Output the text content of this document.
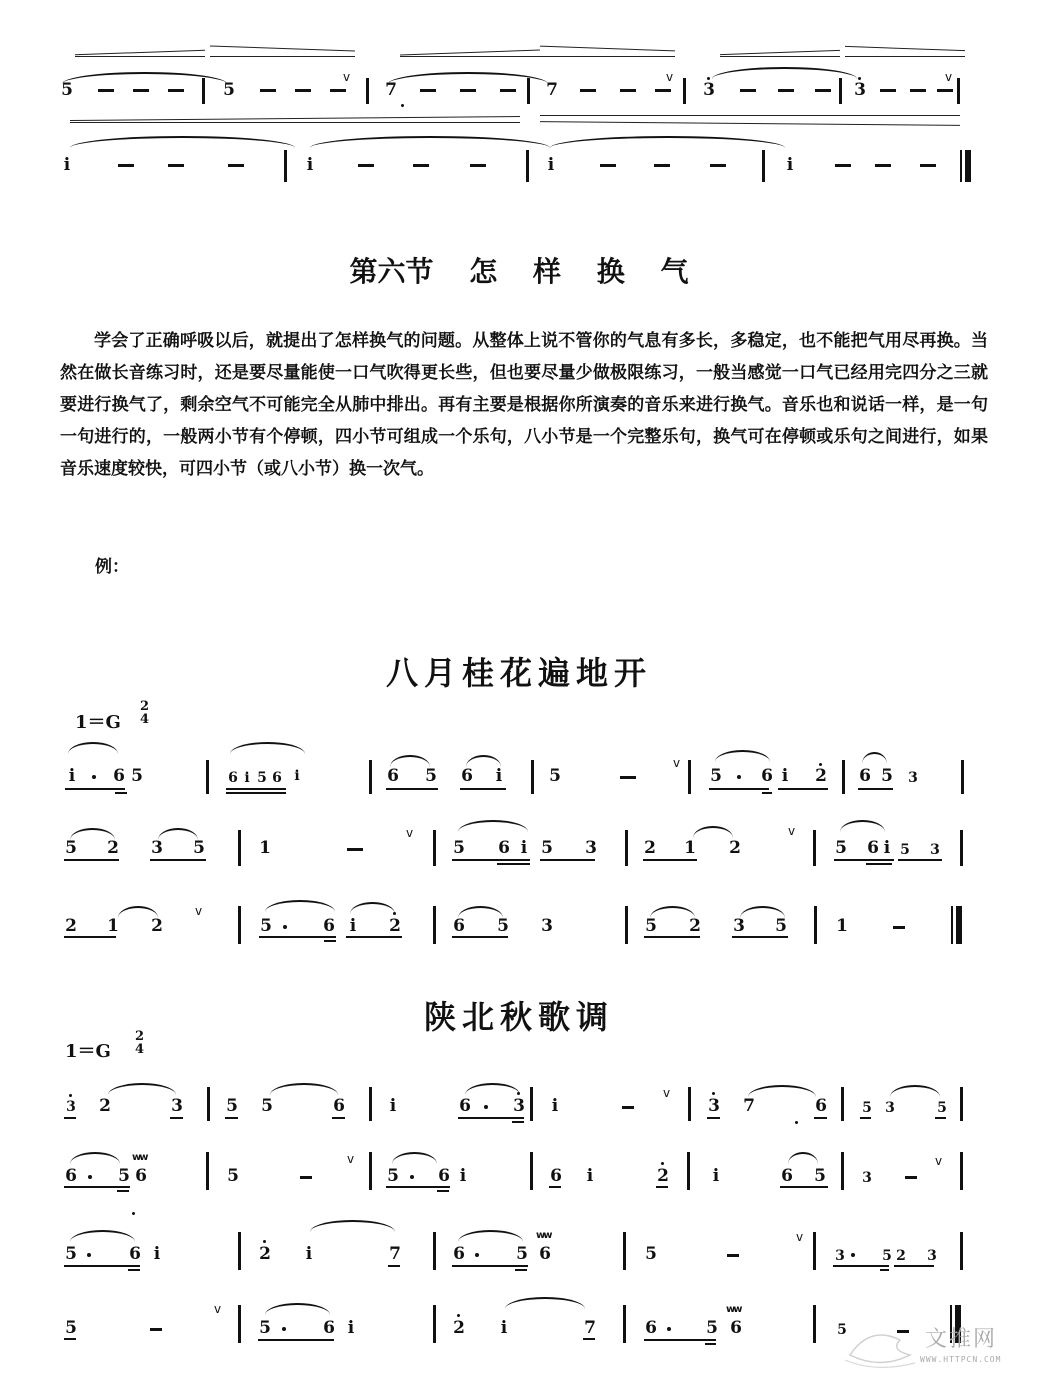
5	5
v
7	7
v
3	3
v
i	i	i	i
第六节 怎 样 换 气

学会了正确呼吸以后，就提出了怎样换气的问题。从整体上说不管你的气息有多长，多稳定，也不能把气用尽再换。当然在做长音练习时，还是要尽量能使一口气吹得更长些，但也要尽量少做极限练习，一般当感觉一口气已经用完四分之三就要进行换气了，剩余空气不可能完全从肺中排出。再有主要是根据你所演奏的音乐来进行换气。音乐也和说话一样，是一句一句进行的，一般两小节有个停顿，四小节可组成一个乐句，八小节是一个完整乐句，换气可在停顿或乐句之间进行，如果音乐速度较快，可四小节（或八小节）换一次气。

例：
八月桂花遍地开
1＝G
2
4
i 6 5	6 i 5 6 i	6 5 6 i	5
v
5 6 i 2 6 5 3
5 2 3 5	1
v
5 6 i 5 3	2 1 2
v
5 6 i 5 3
2 1 2
v
5	6 i 2	6 5 3	5 2 3 5	1
陕北秋歌调
1＝G
2
4
3 2	3	5 5	6	i	6 3 i
v
3 7	6	5 3	5
6 5
ww
6	5
v
5 6 i	6 i	2	i	6 5	3
v
5	6 i	2 i	7	6	5
ww
6	5
v
3	5 2 3
5
v
5	6 i	2 i	7	6	5
ww
6	5	文推网
WWW.HTTPCN.COM
